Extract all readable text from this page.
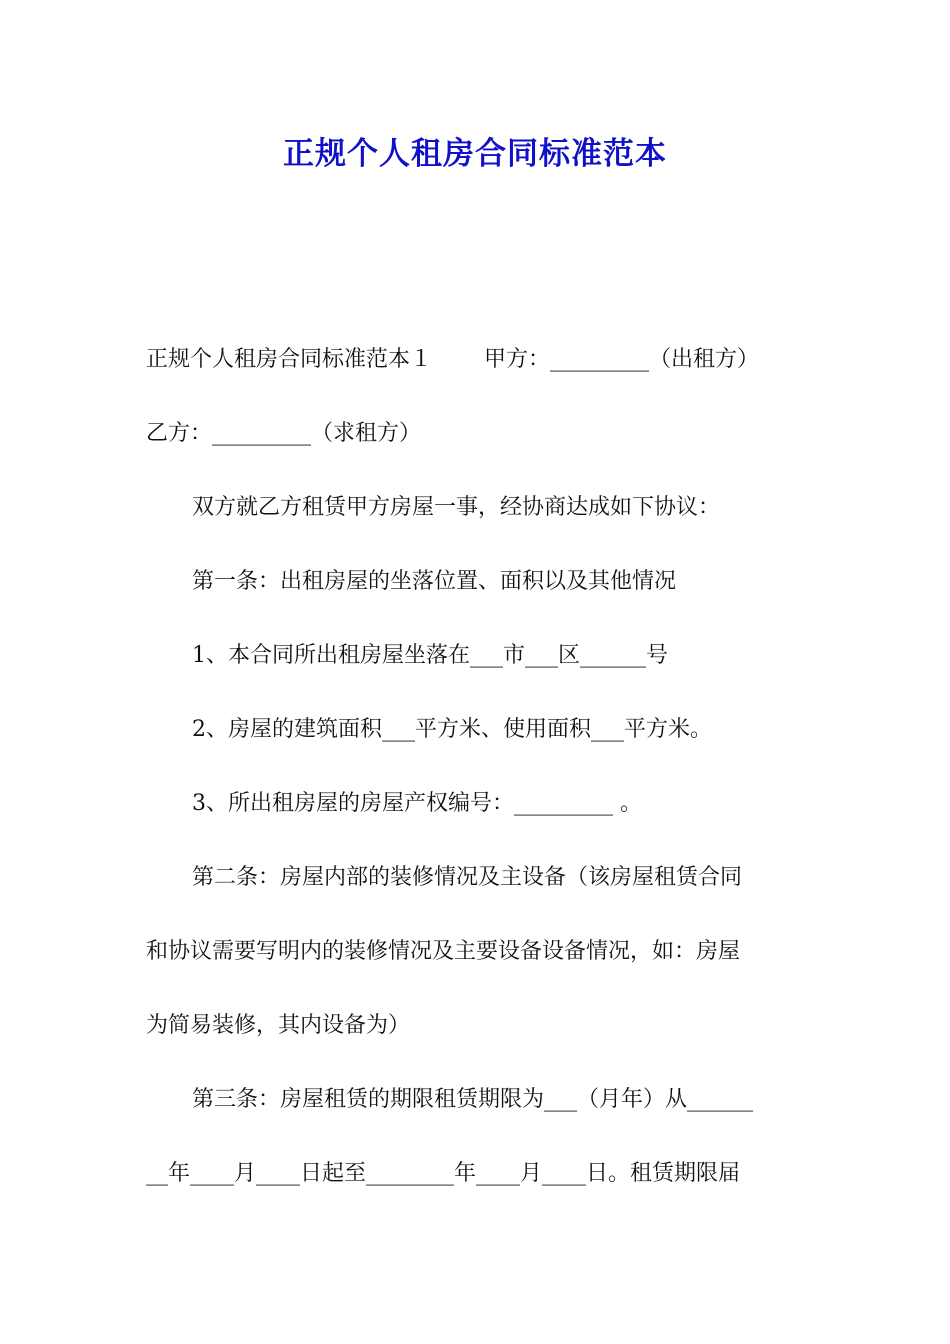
正规个人租房合同标准范本
正规个人租房合同标准范本１ 甲方：_________（出租方）
乙方：_________（求租方）
双方就乙方租赁甲方房屋一事，经协商达成如下协议：
第一条：出租房屋的坐落位置、面积以及其他情况
1、本合同所出租房屋坐落在___市___区______号
2、房屋的建筑面积___平方米、使用面积___平方米。
3、所出租房屋的房屋产权编号：_________ 。
第二条：房屋内部的装修情况及主设备（该房屋租赁合同
和协议需要写明内的装修情况及主要设备设备情况，如：房屋
为简易装修，其内设备为）
第三条：房屋租赁的期限租赁期限为___（月年）从______
__年____月____日起至________年____月____日。租赁期限届
